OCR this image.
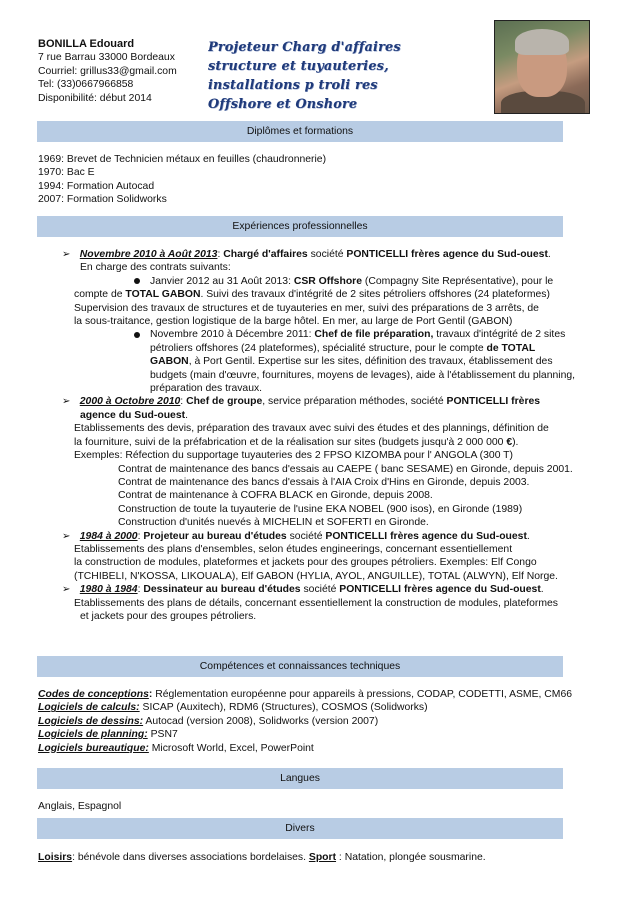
BONILLA Edouard
7 rue Barrau 33000 Bordeaux
Courriel: grillus33@gmail.com
Tel: (33)0667966858
Disponibilité: début 2014
Projeteur Charg d'affaires
structure et tuyauteries,
installations p troli res
Offshore et Onshore
Diplômes et formations
1969: Brevet de Technicien métaux en feuilles (chaudronnerie)
1970: Bac E
1994: Formation Autocad
2007: Formation Solidworks
Expériences professionnelles
➢ Novembre 2010 à Août 2013: Chargé d'affaires société PONTICELLI frères agence du Sud-ouest.
En charge des contrats suivants:
Janvier 2012 au 31 Août 2013: CSR Offshore (Compagny Site Représentative), pour le
compte de TOTAL GABON. Suivi des travaux d'intégrité de 2 sites pétroliers offshores (24 plateformes)
Supervision des travaux de structures et de tuyauteries en mer, suivi des préparations de 3 arrêts, de
la sous-traitance, gestion logistique de la barge hôtel. En mer, au large de Port Gentil (GABON)
Novembre 2010 à Décembre 2011: Chef de file préparation, travaux d'intégrité de 2 sites
pétroliers offshores (24 plateformes), spécialité structure, pour le compte de TOTAL
GABON, à Port Gentil. Expertise sur les sites, définition des travaux, établissement des
budgets (main d'œuvre, fournitures, moyens de levages), aide à l'établissement du planning,
préparation des travaux.
➢ 2000 à Octobre 2010: Chef de groupe, service préparation méthodes, société PONTICELLI frères
agence du Sud-ouest.
Etablissements des devis, préparation des travaux avec suivi des études et des plannings, définition de
la fourniture, suivi de la préfabrication et de la réalisation sur sites (budgets jusqu'à 2 000 000 €).
Exemples: Réfection du supportage tuyauteries des 2 FPSO KIZOMBA pour l' ANGOLA (300 T)
Contrat de maintenance des bancs d'essais au CAEPE ( banc SESAME) en Gironde, depuis 2001.
Contrat de maintenance des bancs d'essais à l'AIA Croix d'Hins en Gironde, depuis 2003.
Contrat de maintenance à COFRA BLACK en Gironde, depuis 2008.
Construction de toute la tuyauterie de l'usine EKA NOBEL (900 isos), en Gironde (1989)
Construction d'unités nuevés à MICHELIN et SOFERTI en Gironde.
➢ 1984 à 2000: Projeteur au bureau d'études société PONTICELLI frères agence du Sud-ouest.
Etablissements des plans d'ensembles, selon études engineerings, concernant essentiellement
la construction de modules, plateformes et jackets pour des groupes pétroliers. Exemples: Elf Congo
(TCHIBELI, N'KOSSA, LIKOUALA), Elf GABON (HYLIA, AYOL, ANGUILLE), TOTAL (ALWYN), Elf Norge.
➢ 1980 à 1984: Dessinateur au bureau d'études société PONTICELLI frères agence du Sud-ouest.
Etablissements des plans de détails, concernant essentiellement la construction de modules, plateformes
et jackets pour des groupes pétroliers.
Compétences et connaissances techniques
Codes de conceptions: Réglementation européenne pour appareils à pressions, CODAP, CODETTI, ASME, CM66
Logiciels de calculs: SICAP (Auxitech), RDM6 (Structures), COSMOS (Solidworks)
Logiciels de dessins: Autocad (version 2008), Solidworks (version 2007)
Logiciels de planning: PSN7
Logiciels bureautique: Microsoft World, Excel, PowerPoint
Langues
Anglais, Espagnol
Divers
Loisirs: bénévole dans diverses associations bordelaises. Sport : Natation, plongée sousmarine.
